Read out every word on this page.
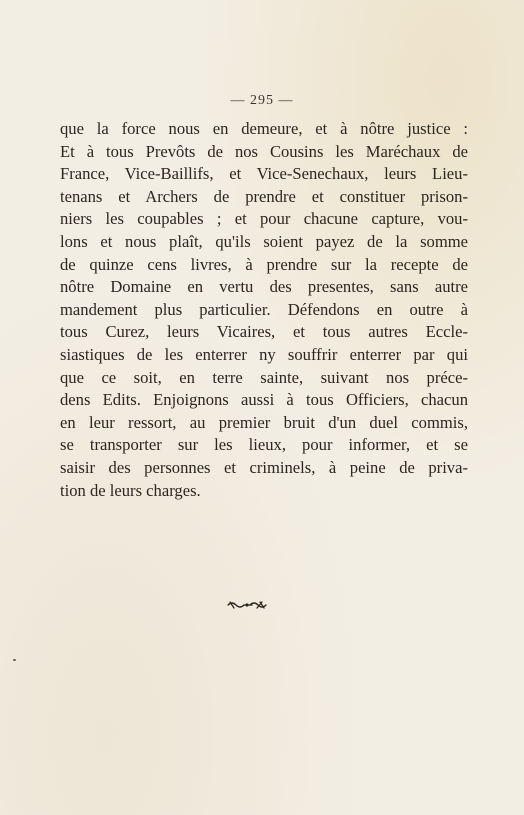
— 295 —
que la force nous en demeure, et à nôtre justice :
Et à tous Prevôts de nos Cousins les Maréchaux de
France, Vice-Baillifs, et Vice-Senechaux, leurs Lieu-
tenans et Archers de prendre et constituer prison-
niers les coupables ; et pour chacune capture, vou-
lons et nous plaît, qu'ils soient payez de la somme
de quinze cens livres, à prendre sur la recepte de
nôtre Domaine en vertu des presentes, sans autre
mandement plus particulier. Défendons en outre à
tous Curez, leurs Vicaires, et tous autres Eccle-
siastiques de les enterrer ny souffrir enterrer par qui
que ce soit, en terre sainte, suivant nos préce-
dens Edits. Enjoignons aussi à tous Officiers, chacun
en leur ressort, au premier bruit d'un duel commis,
se transporter sur les lieux, pour informer, et se
saisir des personnes et criminels, à peine de priva-
tion de leurs charges.
